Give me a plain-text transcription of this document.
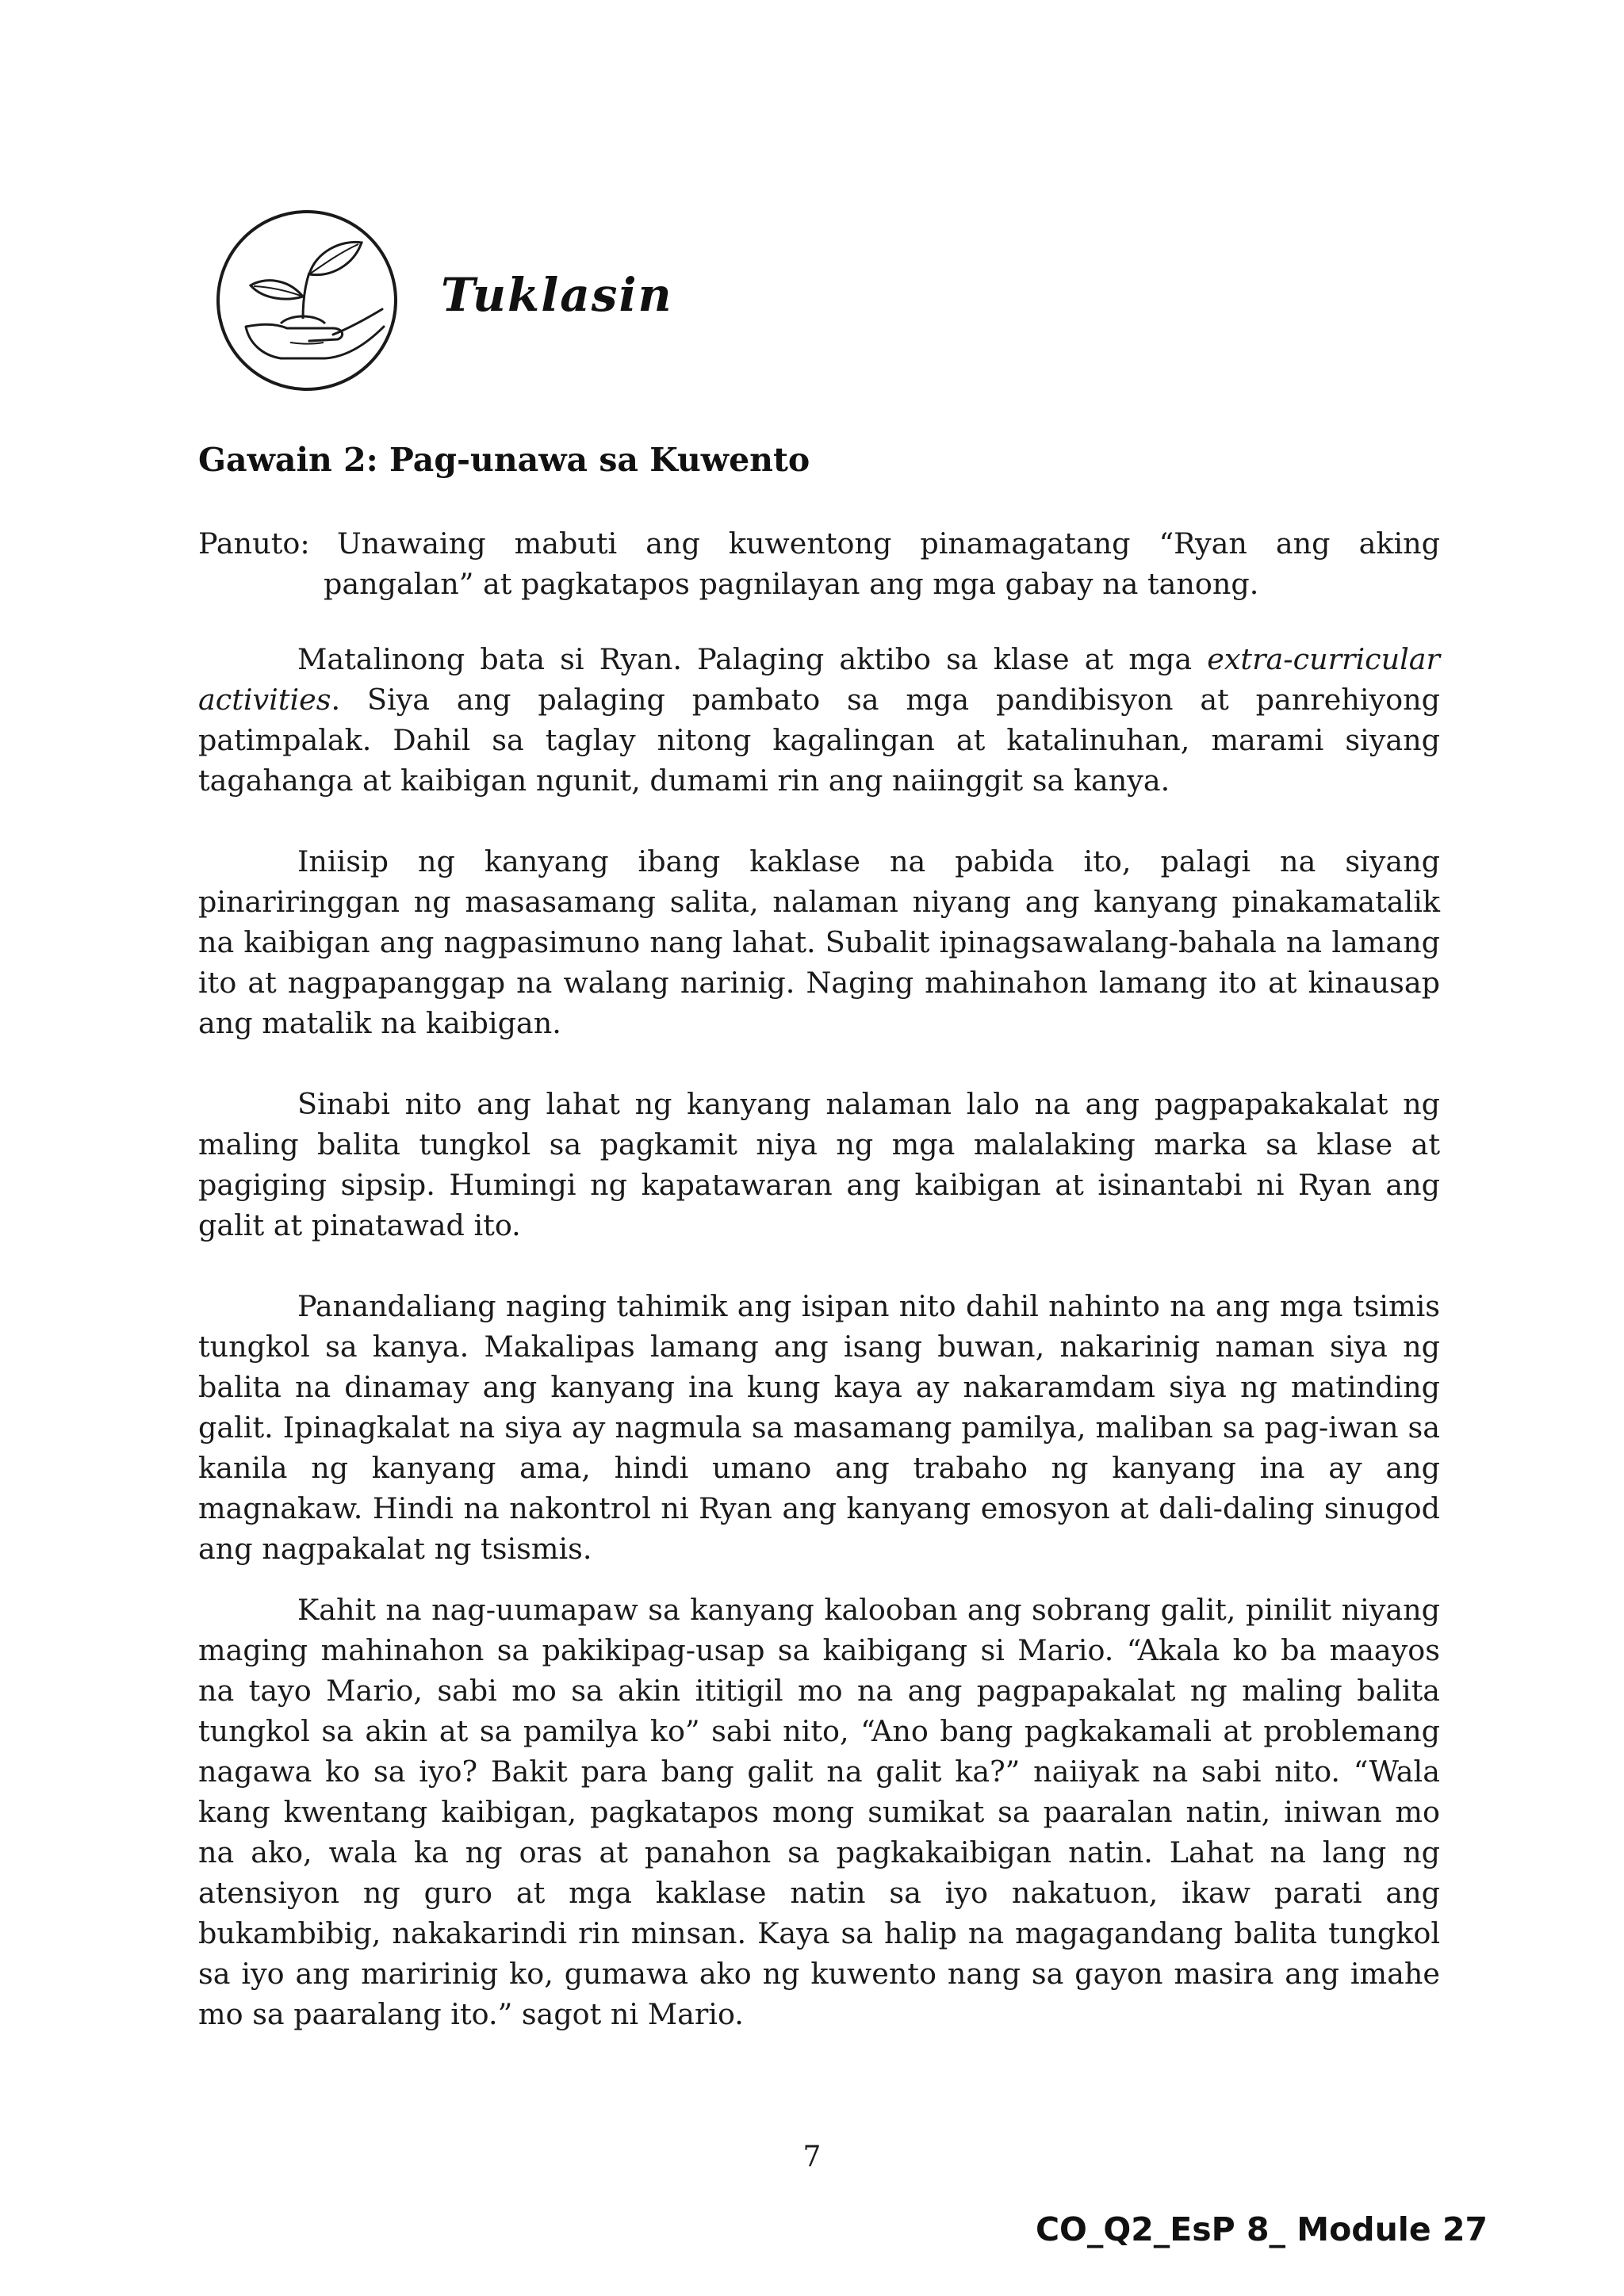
Tuklasin
Gawain 2: Pag-unawa sa Kuwento
Panuto: Unawaing mabuti ang kuwentong pinamagatang “Ryan ang aking
pangalan” at pagkatapos pagnilayan ang mga gabay na tanong.

Matalinong bata si Ryan. Palaging aktibo sa klase at mga extra-curricular activities. Siya ang palaging pambato sa mga pandibisyon at panrehiyong patimpalak. Dahil sa taglay nitong kagalingan at katalinuhan, marami siyang tagahanga at kaibigan ngunit, dumami rin ang naiinggit sa kanya.

Iniisip ng kanyang ibang kaklase na pabida ito, palagi na siyang pinariringgan ng masasamang salita, nalaman niyang ang kanyang pinakamatalik na kaibigan ang nagpasimuno nang lahat. Subalit ipinagsawalang-bahala na lamang ito at nagpapanggap na walang narinig. Naging mahinahon lamang ito at kinausap ang matalik na kaibigan.

Sinabi nito ang lahat ng kanyang nalaman lalo na ang pagpapakakalat ng maling balita tungkol sa pagkamit niya ng mga malalaking marka sa klase at pagiging sipsip. Humingi ng kapatawaran ang kaibigan at isinantabi ni Ryan ang galit at pinatawad ito.

Panandaliang naging tahimik ang isipan nito dahil nahinto na ang mga tsimis tungkol sa kanya. Makalipas lamang ang isang buwan, nakarinig naman siya ng balita na dinamay ang kanyang ina kung kaya ay nakaramdam siya ng matinding galit. Ipinagkalat na siya ay nagmula sa masamang pamilya, maliban sa pag-iwan sa kanila ng kanyang ama, hindi umano ang trabaho ng kanyang ina ay ang magnakaw. Hindi na nakontrol ni Ryan ang kanyang emosyon at dali-daling sinugod ang nagpakalat ng tsismis.

Kahit na nag-uumapaw sa kanyang kalooban ang sobrang galit, pinilit niyang maging mahinahon sa pakikipag-usap sa kaibigang si Mario. “Akala ko ba maayos na tayo Mario, sabi mo sa akin ititigil mo na ang pagpapakalat ng maling balita tungkol sa akin at sa pamilya ko” sabi nito, “Ano bang pagkakamali at problemang nagawa ko sa iyo? Bakit para bang galit na galit ka?” naiiyak na sabi nito. “Wala kang kwentang kaibigan, pagkatapos mong sumikat sa paaralan natin, iniwan mo na ako, wala ka ng oras at panahon sa pagkakaibigan natin. Lahat na lang ng atensiyon ng guro at mga kaklase natin sa iyo nakatuon, ikaw parati ang bukambibig, nakakarindi rin minsan. Kaya sa halip na magagandang balita tungkol sa iyo ang maririnig ko, gumawa ako ng kuwento nang sa gayon masira ang imahe mo sa paaralang ito.” sagot ni Mario.

7
CO_Q2_EsP 8_ Module 27
